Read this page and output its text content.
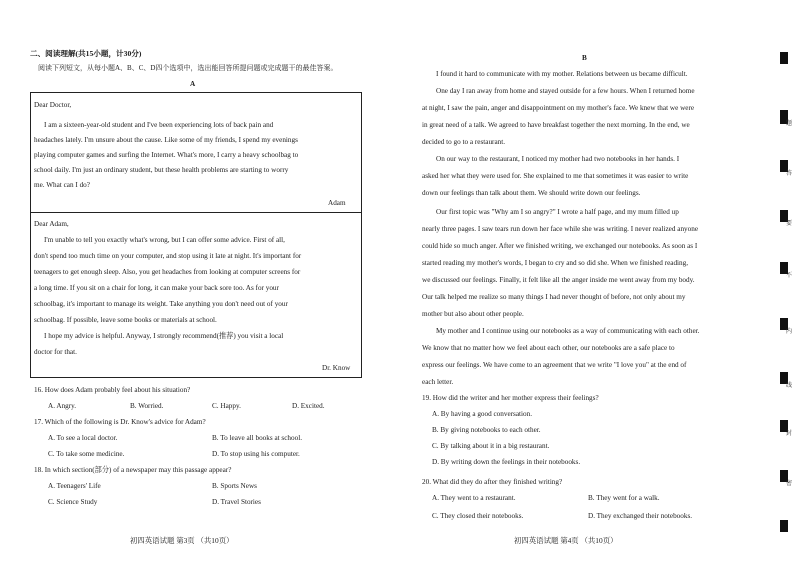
二、阅读理解(共15小题，计30分)
阅读下列短文，从每小题A、B、C、D四个选项中，选出能回答所提问题或完成题干的最佳答案。
A
Dear Doctor,
I am a sixteen-year-old student and I've been experiencing lots of back pain and
headaches lately. I'm unsure about the cause. Like some of my friends, I spend my evenings
playing computer games and surfing the Internet. What's more, I carry a heavy schoolbag to
school daily. I'm just an ordinary student, but these health problems are starting to worry
me. What can I do?
Adam
Dear Adam,
I'm unable to tell you exactly what's wrong, but I can offer some advice. First of all,
don't spend too much time on your computer, and stop using it late at night. It's important for
teenagers to get enough sleep. Also, you get headaches from looking at computer screens for
a long time. If you sit on a chair for long, it can make your back sore too. As for your
schoolbag, it's important to manage its weight. Take anything you don't need out of your
schoolbag. If possible, leave some books or materials at school.
I hope my advice is helpful. Anyway, I strongly recommend(推荐) you visit a local
doctor for that.
Dr. Know
16. How does Adam probably feel about his situation?
A. Angry.	B. Worried.	C. Happy.	D. Excited.
17. Which of the following is Dr. Know's advice for Adam?
A. To see a local doctor.	B. To leave all books at school.
C. To take some medicine.	D. To stop using his computer.
18. In which section(部分) of a newspaper may this passage appear?
A. Teenagers' Life	B. Sports News
C. Science Study	D. Travel Stories
初四英语试题 第3页 （共10页）
B
I found it hard to communicate with my mother. Relations between us became difficult.
One day I ran away from home and stayed outside for a few hours. When I returned home
at night, I saw the pain, anger and disappointment on my mother's face. We knew that we were
in great need of a talk. We agreed to have breakfast together the next morning. In the end, we
decided to go to a restaurant.
On our way to the restaurant, I noticed my mother had two notebooks in her hands. I
asked her what they were used for. She explained to me that sometimes it was easier to write
down our feelings than talk about them. We should write down our feelings.
Our first topic was "Why am I so angry?" I wrote a half page, and my mum filled up
nearly three pages. I saw tears run down her face while she was writing. I never realized anyone
could hide so much anger. After we finished writing, we exchanged our notebooks. As soon as I
started reading my mother's words, I began to cry and so did she. When we finished reading,
we discussed our feelings. Finally, it felt like all the anger inside me went away from my body.
Our talk helped me realize so many things I had never thought of before, not only about my
mother but also about other people.
My mother and I continue using our notebooks as a way of communicating with each other.
We know that no matter how we feel about each other, our notebooks are a safe place to
express our feelings. We have come to an agreement that we write "I love you" at the end of
each letter.
19. How did the writer and her mother express their feelings?
A. By having a good conversation.
B. By giving notebooks to each other.
C. By talking about it in a big restaurant.
D. By writing down the feelings in their notebooks.
20. What did they do after they finished writing?
A. They went to a restaurant.	B. They went for a walk.
C. They closed their notebooks.	D. They exchanged their notebooks.
初四英语试题 第4页 （共10页）
题
答
要
不
内
线
封
密
